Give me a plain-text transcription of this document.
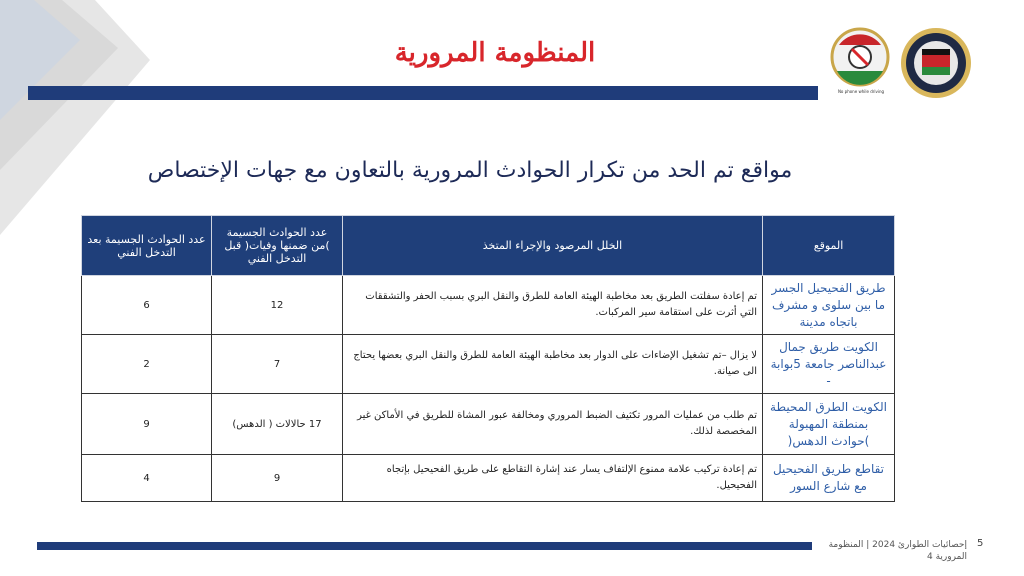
المنظومة المرورية
No phone while driving
مواقع تم الحد من تكرار الحوادث المرورية بالتعاون مع جهات الإختصاص
الموقع	الخلل المرصود والإجراء المتخذ	عدد الحوادث الجسيمة )من ضمنها وفيات( قبل التدخل الفني	عدد الحوادث الجسيمة بعد التدخل الفني
طريق الفحيحيل الجسر ما بين سلوى و مشرف باتجاه مدينة	تم إعادة سفلتت الطريق بعد مخاطبة الهيئة العامة للطرق والنقل البري بسبب الحفر والتشققات التي أثرت على استقامة سير المركبات.	12	6
الكويت طريق جمال عبدالناصر جامعة 5بوابة -	لا يزال –تم تشغيل الإضاءات على الدوار بعد مخاطبة الهيئة العامة للطرق والنقل البري بعضها يحتاج الى صيانة.	7	2
الكويت الطرق المحيطة بمنطقة المهبولة )حوادث الدهس(	تم طلب من عمليات المرور تكثيف الضبط المروري ومخالفة عبور المشاة للطريق في الأماكن غير المخصصة لذلك.	17 حالالات ( الدهس)	9
تقاطع طريق الفحيحيل مع شارع السور	تم إعادة تركيب علامة ممنوع الإلتفاف يسار عند إشارة التقاطع على طريق الفحيحيل بإتجاه الفحيحيل.	9	4
إحصائيات الطوارئ 2024 | المنظومة المرورية 4
5
